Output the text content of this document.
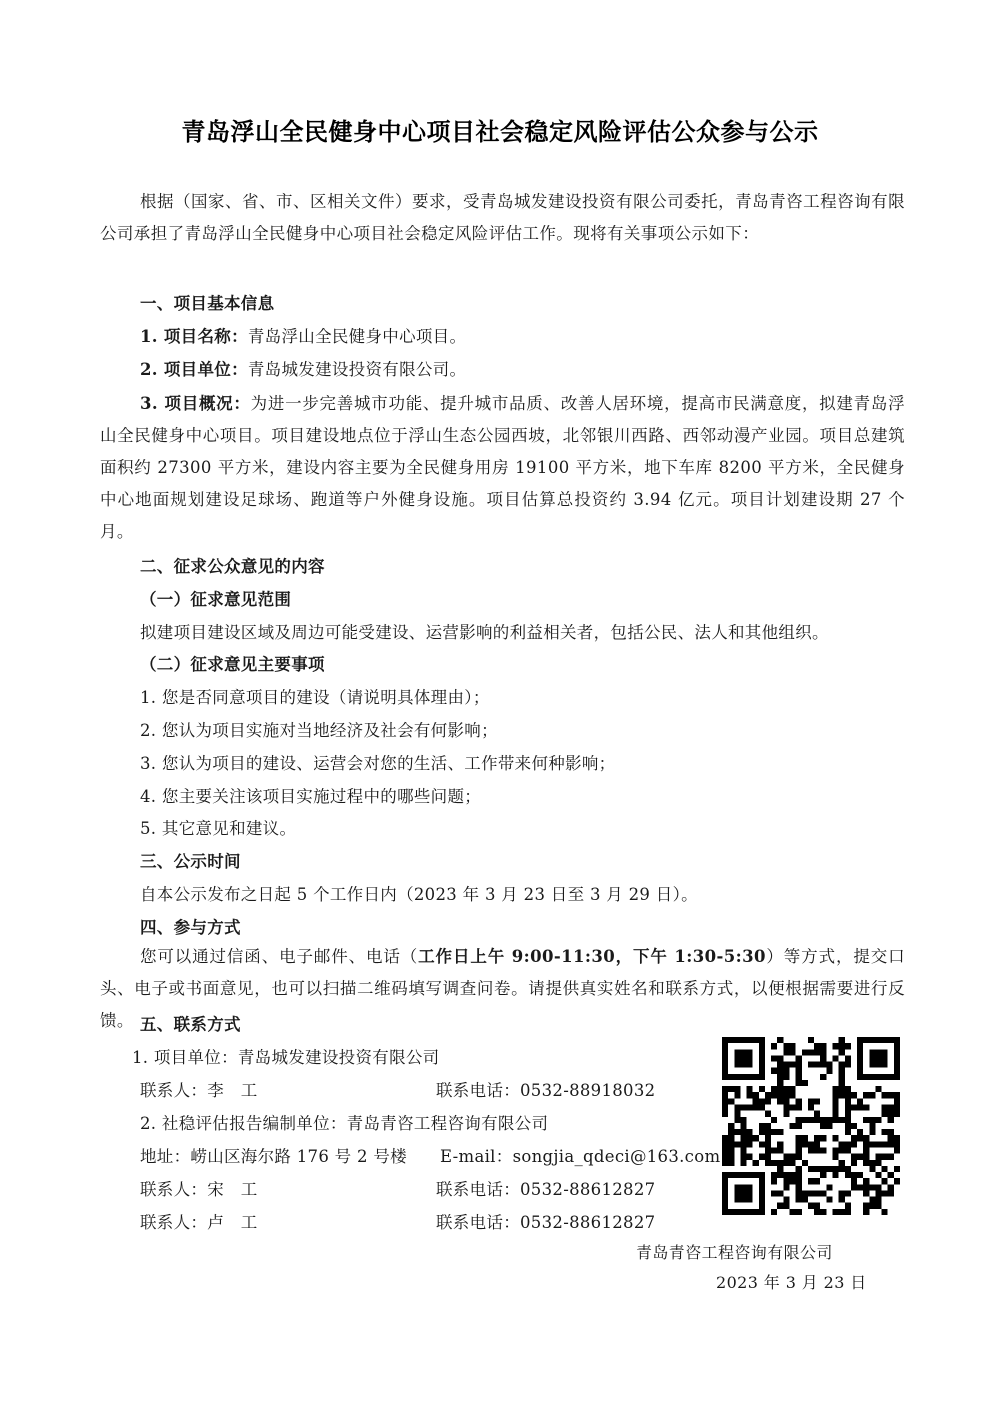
青岛浮山全民健身中心项目社会稳定风险评估公众参与公示
根据（国家、省、市、区相关文件）要求，受青岛城发建设投资有限公司委托，青岛青咨工程咨询有限公司承担了青岛浮山全民健身中心项目社会稳定风险评估工作。现将有关事项公示如下：
一、项目基本信息
1. 项目名称：青岛浮山全民健身中心项目。
2. 项目单位：青岛城发建设投资有限公司。
3. 项目概况：为进一步完善城市功能、提升城市品质、改善人居环境，提高市民满意度，拟建青岛浮山全民健身中心项目。项目建设地点位于浮山生态公园西坡，北邻银川西路、西邻动漫产业园。项目总建筑面积约 27300 平方米，建设内容主要为全民健身用房 19100 平方米，地下车库 8200 平方米，全民健身中心地面规划建设足球场、跑道等户外健身设施。项目估算总投资约 3.94 亿元。项目计划建设期 27 个月。
二、征求公众意见的内容
（一）征求意见范围
拟建项目建设区域及周边可能受建设、运营影响的利益相关者，包括公民、法人和其他组织。
（二）征求意见主要事项
1. 您是否同意项目的建设（请说明具体理由）；
2. 您认为项目实施对当地经济及社会有何影响；
3. 您认为项目的建设、运营会对您的生活、工作带来何种影响；
4. 您主要关注该项目实施过程中的哪些问题；
5. 其它意见和建议。
三、公示时间
自本公示发布之日起 5 个工作日内（2023 年 3 月 23 日至 3 月 29 日）。
四、参与方式
您可以通过信函、电子邮件、电话（工作日上午 9:00-11:30，下午 1:30-5:30）等方式，提交口头、电子或书面意见，也可以扫描二维码填写调查问卷。请提供真实姓名和联系方式，以便根据需要进行反馈。 五、联系方式
1. 项目单位：青岛城发建设投资有限公司
联系人：李　工	联系电话：0532-88918032
2. 社稳评估报告编制单位：青岛青咨工程咨询有限公司
地址：崂山区海尔路 176 号 2 号楼 E-mail：songjia_qdeci@163.com
联系人：宋　工	联系电话：0532-88612827
联系人：卢　工	联系电话：0532-88612827
青岛青咨工程咨询有限公司
2023 年 3 月 23 日
